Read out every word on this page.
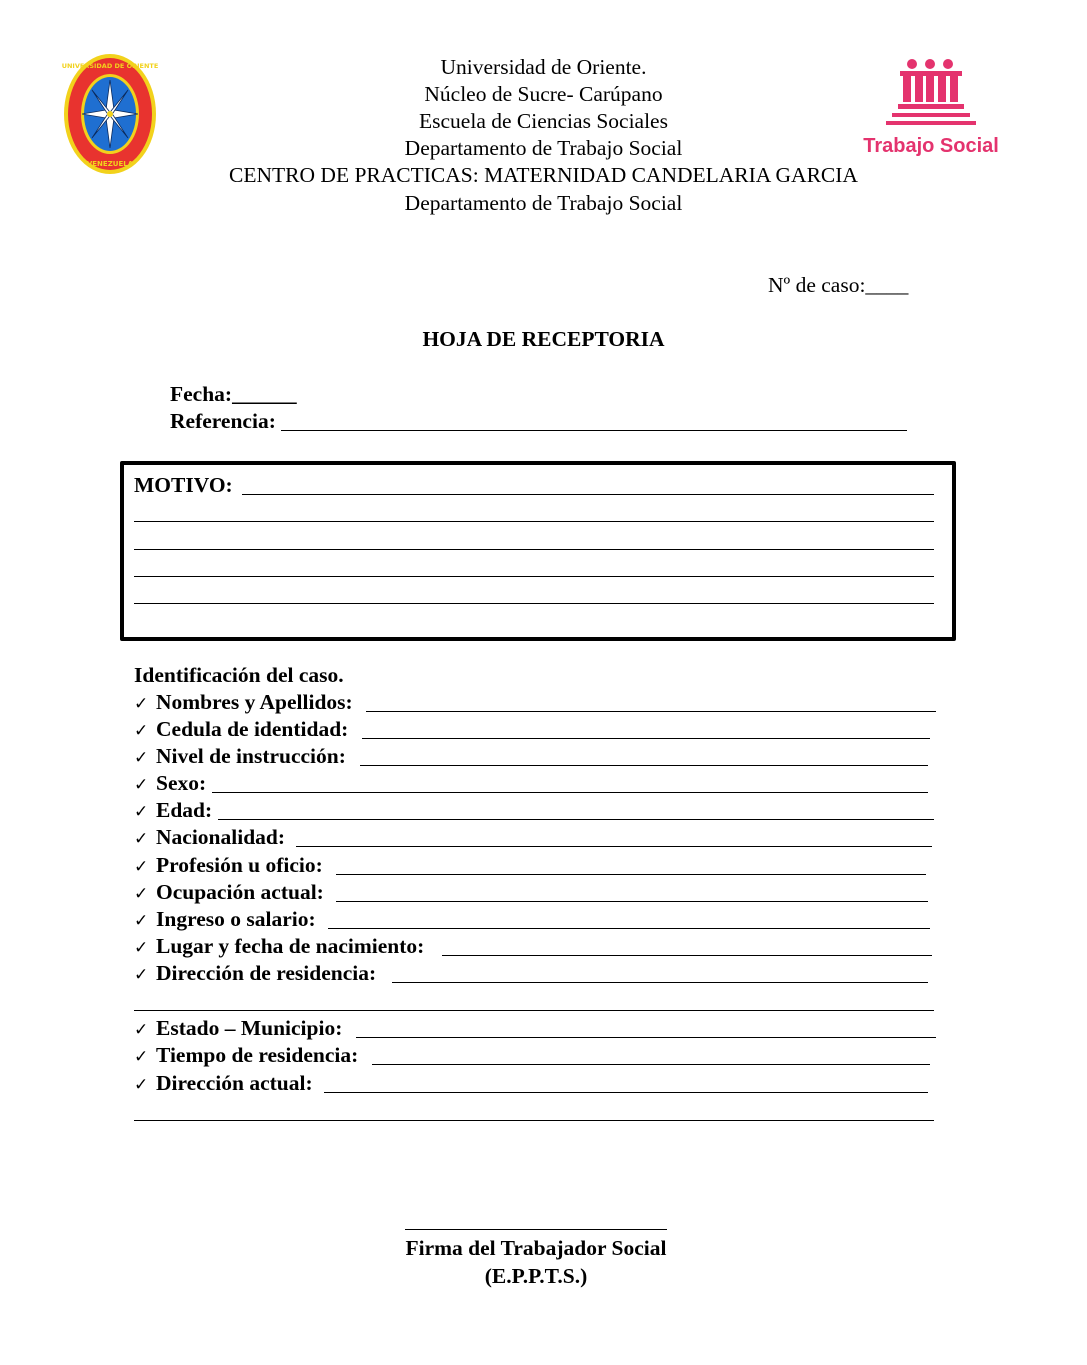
UNIVERSIDAD DE ORIENTE
VENEZUELA
Trabajo Social
Universidad de Oriente.
Núcleo de Sucre- Carúpano
Escuela de Ciencias Sociales
Departamento de Trabajo Social
CENTRO DE PRACTICAS: MATERNIDAD CANDELARIA GARCIA
Departamento de Trabajo Social
Nº de caso:____
HOJA DE RECEPTORIA
Fecha:______
Referencia:
MOTIVO:
Identificación del caso.
✓ Nombres y Apellidos:
✓ Cedula de identidad:
✓ Nivel de instrucción:
✓ Sexo:
✓ Edad:
✓ Nacionalidad:
✓ Profesión u oficio:
✓ Ocupación actual:
✓ Ingreso o salario:
✓ Lugar y fecha de nacimiento:
✓ Dirección de residencia:
✓ Estado – Municipio:
✓ Tiempo de residencia:
✓ Dirección actual:
Firma del Trabajador Social
(E.P.P.T.S.)
